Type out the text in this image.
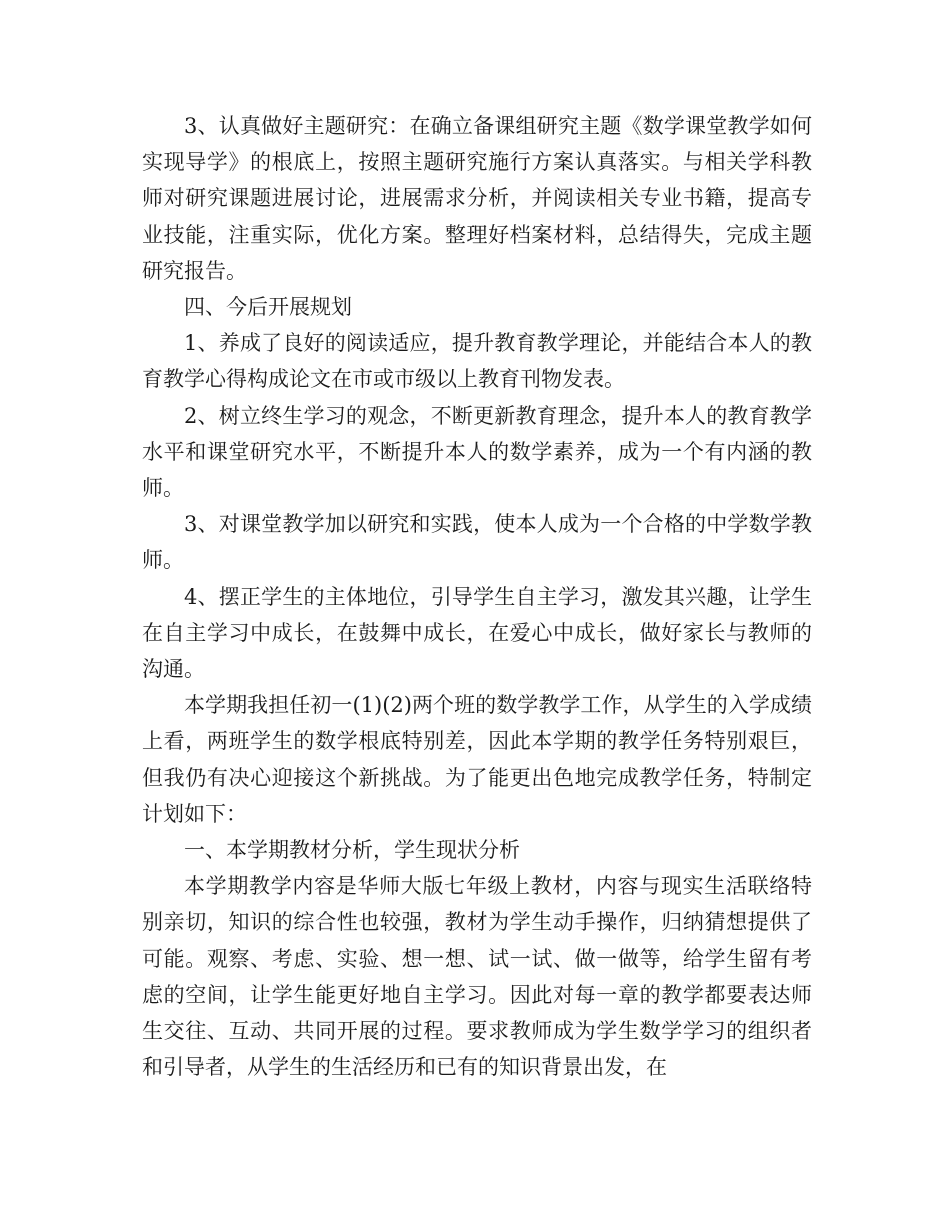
3、认真做好主题研究：在确立备课组研究主题《数学课堂教学如何实现导学》的根底上，按照主题研究施行方案认真落实。与相关学科教师对研究课题进展讨论，进展需求分析，并阅读相关专业书籍，提高专业技能，注重实际，优化方案。整理好档案材料，总结得失，完成主题研究报告。

四、今后开展规划

1、养成了良好的阅读适应，提升教育教学理论，并能结合本人的教育教学心得构成论文在市或市级以上教育刊物发表。

2、树立终生学习的观念，不断更新教育理念，提升本人的教育教学水平和课堂研究水平，不断提升本人的数学素养，成为一个有内涵的教师。

3、对课堂教学加以研究和实践，使本人成为一个合格的中学数学教师。

4、摆正学生的主体地位，引导学生自主学习，激发其兴趣，让学生在自主学习中成长，在鼓舞中成长，在爱心中成长，做好家长与教师的沟通。

本学期我担任初一(1)(2)两个班的数学教学工作，从学生的入学成绩上看，两班学生的数学根底特别差，因此本学期的教学任务特别艰巨，但我仍有决心迎接这个新挑战。为了能更出色地完成教学任务，特制定计划如下：

一、本学期教材分析，学生现状分析

本学期教学内容是华师大版七年级上教材，内容与现实生活联络特别亲切，知识的综合性也较强，教材为学生动手操作，归纳猜想提供了可能。观察、考虑、实验、想一想、试一试、做一做等，给学生留有考虑的空间，让学生能更好地自主学习。因此对每一章的教学都要表达师生交往、互动、共同开展的过程。要求教师成为学生数学学习的组织者和引导者，从学生的生活经历和已有的知识背景出发，在
